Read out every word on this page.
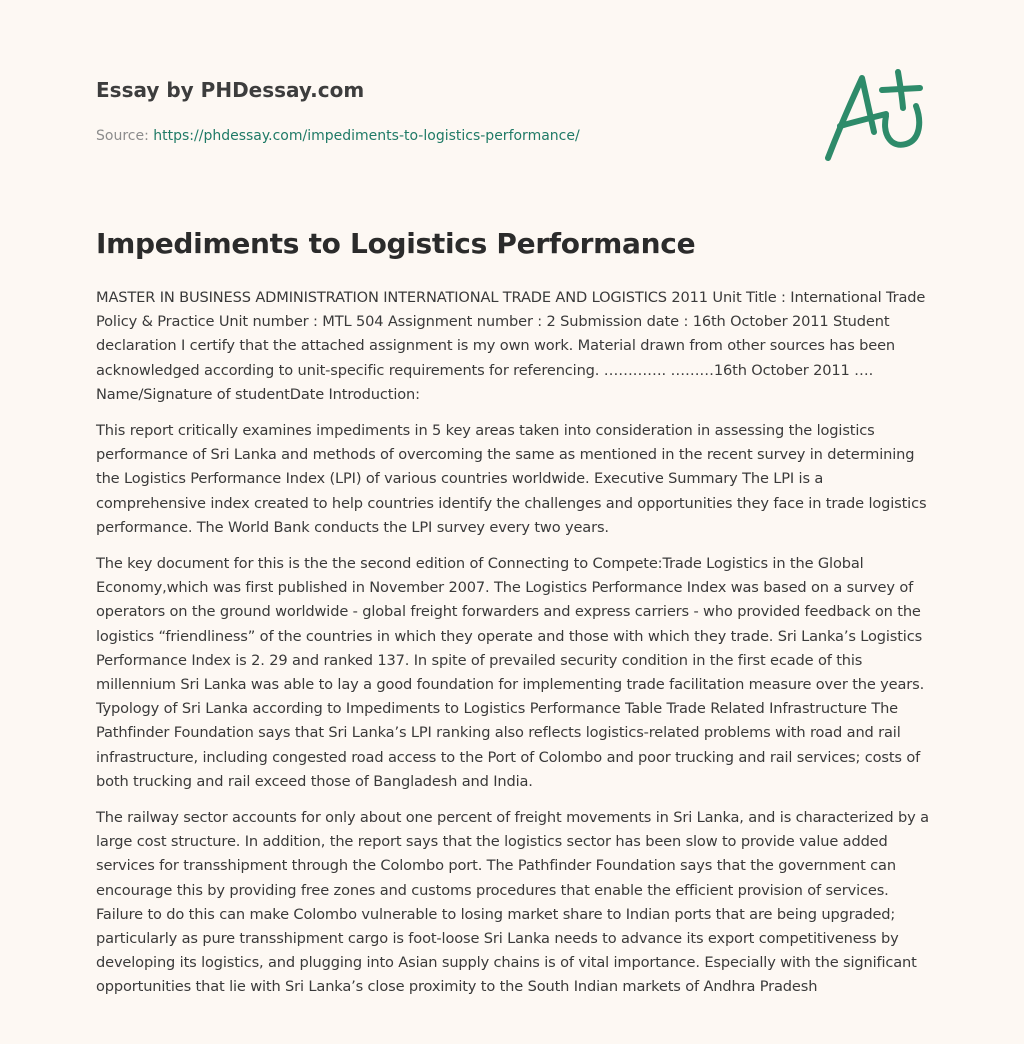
Essay by PHDessay.com
Source: https://phdessay.com/impediments-to-logistics-performance/
Impediments to Logistics Performance

MASTER IN BUSINESS ADMINISTRATION INTERNATIONAL TRADE AND LOGISTICS 2011 Unit Title : International Trade Policy & Practice Unit number : MTL 504 Assignment number : 2 Submission date : 16th October 2011 Student declaration I certify that the attached assignment is my own work. Material drawn from other sources has been acknowledged according to unit-specific requirements for referencing. …………. ………16th October 2011 …. Name/Signature of studentDate Introduction:

This report critically examines impediments in 5 key areas taken into consideration in assessing the logistics performance of Sri Lanka and methods of overcoming the same as mentioned in the recent survey in determining the Logistics Performance Index (LPI) of various countries worldwide. Executive Summary The LPI is a comprehensive index created to help countries identify the challenges and opportunities they face in trade logistics performance. The World Bank conducts the LPI survey every two years.

The key document for this is the the second edition of Connecting to Compete:Trade Logistics in the Global Economy,which was first published in November 2007. The Logistics Performance Index was based on a survey of operators on the ground worldwide - global freight forwarders and express carriers - who provided feedback on the logistics “friendliness” of the countries in which they operate and those with which they trade. Sri Lanka’s Logistics Performance Index is 2. 29 and ranked 137. In spite of prevailed security condition in the first ecade of this millennium Sri Lanka was able to lay a good foundation for implementing trade facilitation measure over the years. Typology of Sri Lanka according to Impediments to Logistics Performance Table Trade Related Infrastructure The Pathfinder Foundation says that Sri Lanka’s LPI ranking also reflects logistics-related problems with road and rail infrastructure, including congested road access to the Port of Colombo and poor trucking and rail services; costs of both trucking and rail exceed those of Bangladesh and India.

The railway sector accounts for only about one percent of freight movements in Sri Lanka, and is characterized by a large cost structure. In addition, the report says that the logistics sector has been slow to provide value added services for transshipment through the Colombo port. The Pathfinder Foundation says that the government can encourage this by providing free zones and customs procedures that enable the efficient provision of services. Failure to do this can make Colombo vulnerable to losing market share to Indian ports that are being upgraded; particularly as pure transshipment cargo is foot-loose Sri Lanka needs to advance its export competitiveness by developing its logistics, and plugging into Asian supply chains is of vital importance. Especially with the significant opportunities that lie with Sri Lanka’s close proximity to the South Indian markets of Andhra Pradesh
